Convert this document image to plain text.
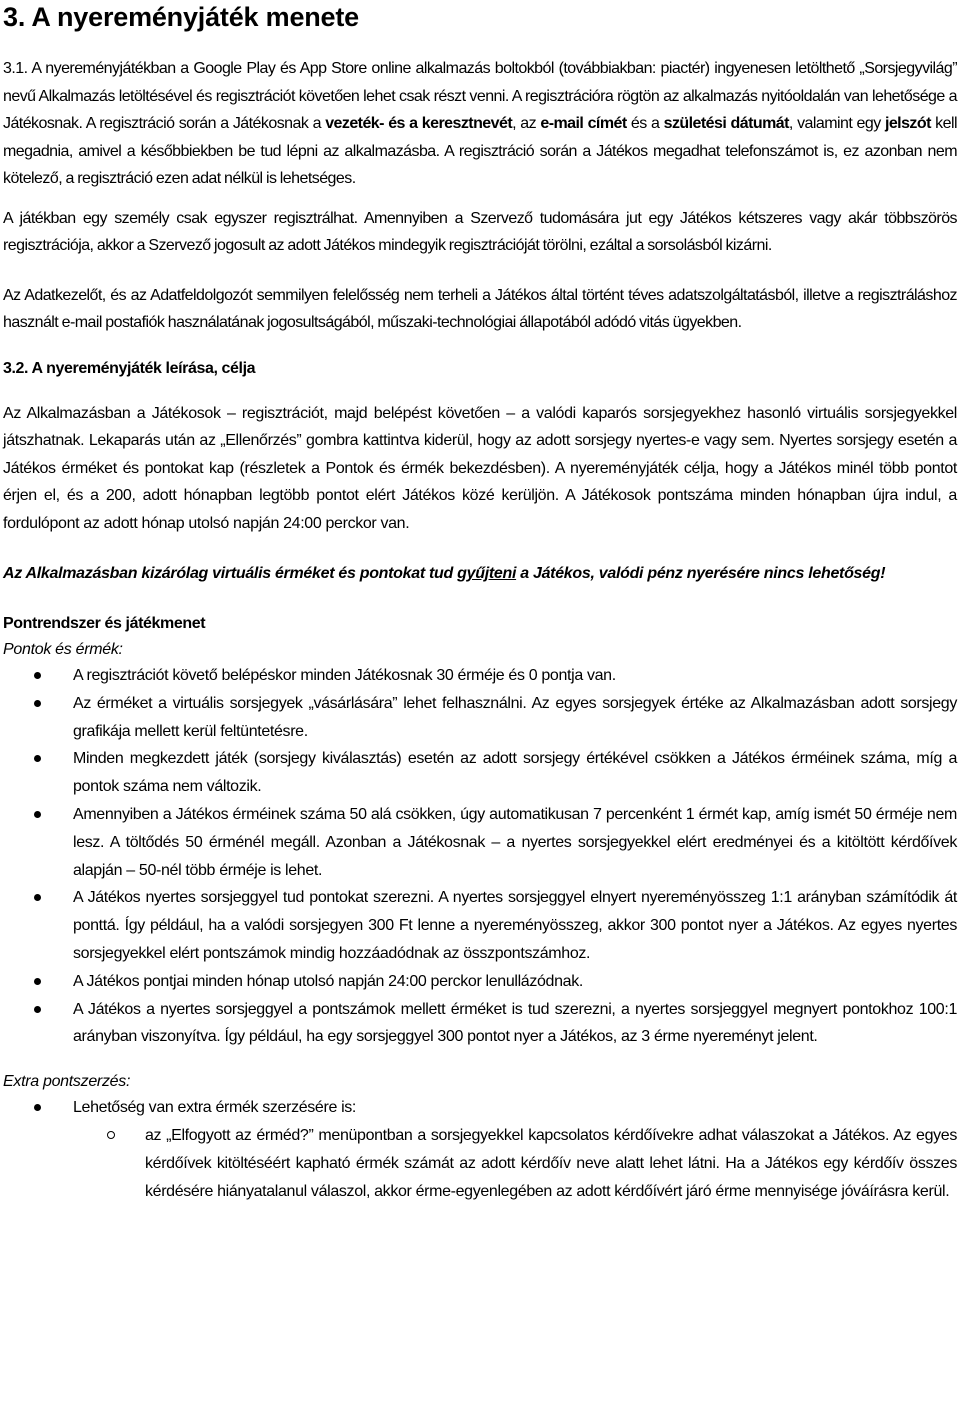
3. A nyereményjáték menete

3.1. A nyereményjátékban a Google Play és App Store online alkalmazás boltokból (továbbiakban: piactér) ingyenesen letölthető „Sorsjegyvilág” nevű Alkalmazás letöltésével és regisztrációt követően lehet csak részt venni. A regisztrációra rögtön az alkalmazás nyitóoldalán van lehetősége a Játékosnak. A regisztráció során a Játékosnak a vezeték- és a keresztnevét, az e-mail címét és a születési dátumát, valamint egy jelszót kell megadnia, amivel a későbbiekben be tud lépni az alkalmazásba. A regisztráció során a Játékos megadhat telefonszámot is, ez azonban nem kötelező, a regisztráció ezen adat nélkül is lehetséges.

A játékban egy személy csak egyszer regisztrálhat. Amennyiben a Szervező tudomására jut egy Játékos kétszeres vagy akár többszörös regisztrációja, akkor a Szervező jogosult az adott Játékos mindegyik regisztrációját törölni, ezáltal a sorsolásból kizárni.

Az Adatkezelőt, és az Adatfeldolgozót semmilyen felelősség nem terheli a Játékos által történt téves adatszolgáltatásból, illetve a regisztráláshoz használt e-mail postafiók használatának jogosultságából, műszaki-technológiai állapotából adódó vitás ügyekben.

3.2. A nyereményjáték leírása, célja

Az Alkalmazásban a Játékosok – regisztrációt, majd belépést követően – a valódi kaparós sorsjegyekhez hasonló virtuális sorsjegyekkel játszhatnak. Lekaparás után az „Ellenőrzés” gombra kattintva kiderül, hogy az adott sorsjegy nyertes-e vagy sem. Nyertes sorsjegy esetén a Játékos érméket és pontokat kap (részletek a Pontok és érmék bekezdésben). A nyereményjáték célja, hogy a Játékos minél több pontot érjen el, és a 200, adott hónapban legtöbb pontot elért Játékos közé kerüljön. A Játékosok pontszáma minden hónapban újra indul, a fordulópont az adott hónap utolsó napján 24:00 perckor van.

Az Alkalmazásban kizárólag virtuális érméket és pontokat tud gyűjteni a Játékos, valódi pénz nyerésére nincs lehetőség!

Pontrendszer és játékmenet
Pontok és érmék:
A regisztrációt követő belépéskor minden Játékosnak 30 érméje és 0 pontja van.
Az érméket a virtuális sorsjegyek „vásárlására” lehet felhasználni. Az egyes sorsjegyek értéke az Alkalmazásban adott sorsjegy grafikája mellett kerül feltüntetésre.
Minden megkezdett játék (sorsjegy kiválasztás) esetén az adott sorsjegy értékével csökken a Játékos érméinek száma, míg a pontok száma nem változik.
Amennyiben a Játékos érméinek száma 50 alá csökken, úgy automatikusan 7 percenként 1 érmét kap, amíg ismét 50 érméje nem lesz. A töltődés 50 érménél megáll. Azonban a Játékosnak – a nyertes sorsjegyekkel elért eredményei és a kitöltött kérdőívek alapján – 50-nél több érméje is lehet.
A Játékos nyertes sorsjeggyel tud pontokat szerezni. A nyertes sorsjeggyel elnyert nyereményösszeg 1:1 arányban számítódik át ponttá. Így például, ha a valódi sorsjegyen 300 Ft lenne a nyereményösszeg, akkor 300 pontot nyer a Játékos. Az egyes nyertes sorsjegyekkel elért pontszámok mindig hozzáadódnak az összpontszámhoz.
A Játékos pontjai minden hónap utolsó napján 24:00 perckor lenullázódnak.
A Játékos a nyertes sorsjeggyel a pontszámok mellett érméket is tud szerezni, a nyertes sorsjeggyel megnyert pontokhoz 100:1 arányban viszonyítva. Így például, ha egy sorsjeggyel 300 pontot nyer a Játékos, az 3 érme nyereményt jelent.
Extra pontszerzés:
Lehetőség van extra érmék szerzésére is:
az „Elfogyott az érméd?” menüpontban a sorsjegyekkel kapcsolatos kérdőívekre adhat válaszokat a Játékos. Az egyes kérdőívek kitöltéséért kapható érmék számát az adott kérdőív neve alatt lehet látni. Ha a Játékos egy kérdőív összes kérdésére hiányatalanul válaszol, akkor érme-egyenlegében az adott kérdőívért járó érme mennyisége jóváírásra kerül.
